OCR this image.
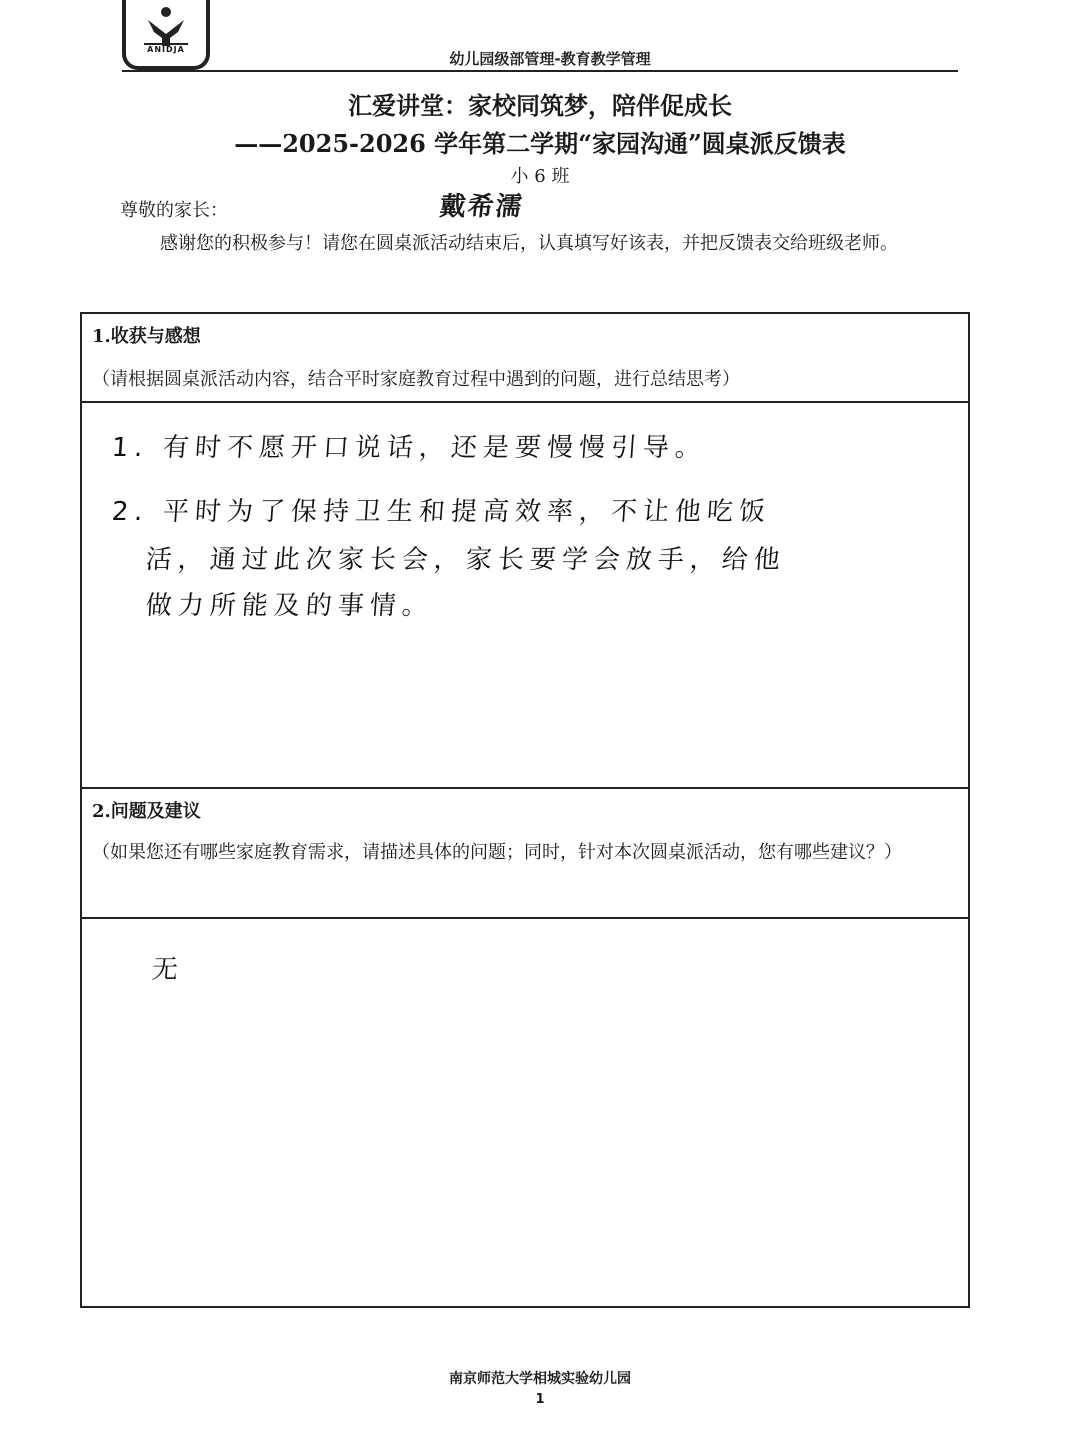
ANIDJA
幼儿园级部管理-教育教学管理
汇爱讲堂：家校同筑梦，陪伴促成长
——2025-2026 学年第二学期“家园沟通”圆桌派反馈表
小 6 班
尊敬的家长：	戴希濡
感谢您的积极参与！请您在圆桌派活动结束后，认真填写好该表，并把反馈表交给班级老师。
1.收获与感想
（请根据圆桌派活动内容，结合平时家庭教育过程中遇到的问题，进行总结思考）
1. 有时不愿开口说话，还是要慢慢引导。
2. 平时为了保持卫生和提高效率，不让他吃饭
活，通过此次家长会，家长要学会放手，给他
做力所能及的事情。
2.问题及建议
（如果您还有哪些家庭教育需求，请描述具体的问题；同时，针对本次圆桌派活动，您有哪些建议？）
无
南京师范大学相城实验幼儿园
1
